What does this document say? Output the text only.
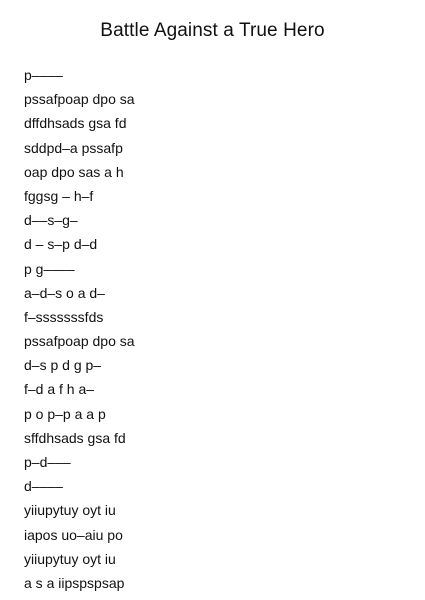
Battle Against a True Hero
p––––
pssafpoap dpo sa
dffdhsads gsa fd
sddpd–a pssafp
oap dpo sas a h
fggsg – h–f
d––s–g–
d – s–p d–d
p g––––
a–d–s o a d–
f–sssssssfds
pssafpoap dpo sa
d–s p d g p–
f–d a f h a–
p o p–p a a p
sffdhsads gsa fd
p–d–––
d––––
yiiupytuy oyt iu
iapos uo–aiu po
yiiupytuy oyt iu
a s a iipspspsap
